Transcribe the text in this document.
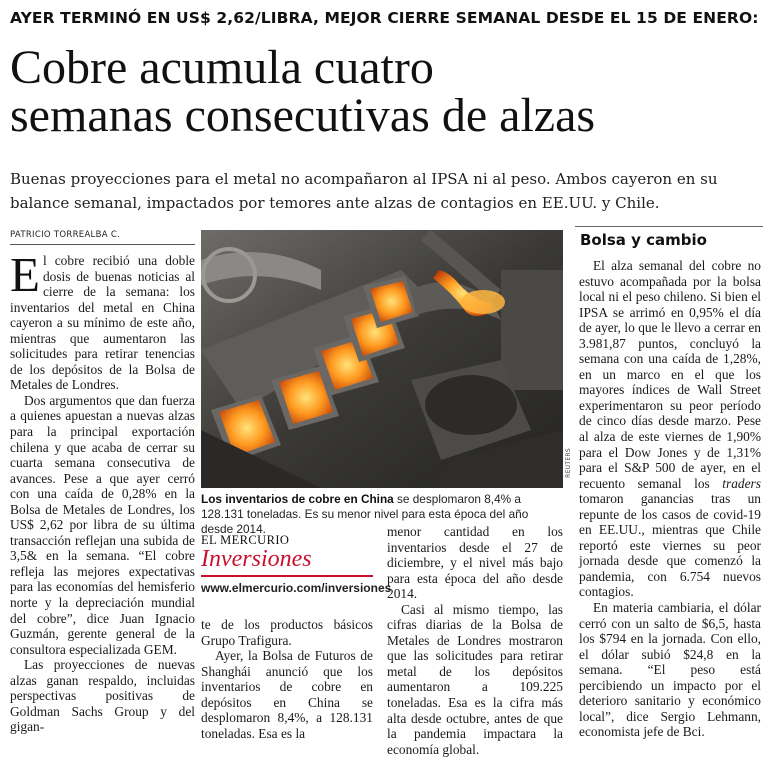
AYER TERMINÓ EN US$ 2,62/LIBRA, MEJOR CIERRE SEMANAL DESDE EL 15 DE ENERO:
Cobre acumula cuatro
semanas consecutivas de alzas
Buenas proyecciones para el metal no acompañaron al IPSA ni al peso. Ambos cayeron en su balance semanal, impactados por temores ante alzas de contagios en EE.UU. y Chile.
PATRICIO TORREALBA C.

El cobre recibió una doble dosis de buenas noticias al cierre de la semana: los inventarios del metal en China cayeron a su mínimo de este año, mientras que aumentaron las solicitudes para retirar tenencias de los depósitos de la Bolsa de Metales de Londres.

Dos argumentos que dan fuerza a quienes apuestan a nuevas alzas para la principal exportación chilena y que acaba de cerrar su cuarta semana consecutiva de avances. Pese a que ayer cerró con una caída de 0,28% en la Bolsa de Metales de Londres, los US$ 2,62 por libra de su última transacción reflejan una subida de 3,5& en la semana. “El cobre refleja las mejores expectativas para las economías del hemisferio norte y la depreciación mundial del cobre”, dice Juan Ignacio Guzmán, gerente general de la consultora especializada GEM.

Las proyecciones de nuevas alzas ganan respaldo, incluidas perspectivas positivas de Goldman Sachs Group y del gigan-

REUTERS
Los inventarios de cobre en China se desplomaron 8,4% a 128.131 toneladas. Es su menor nivel para esta época del año desde 2014.
EL MERCURIO
Inversiones
www.elmercurio.com/inversiones

te de los productos básicos Grupo Trafigura.

Ayer, la Bolsa de Futuros de Shanghái anunció que los inventarios de cobre en depósitos en China se desplomaron 8,4%, a 128.131 toneladas. Esa es la

menor cantidad en los inventarios desde el 27 de diciembre, y el nivel más bajo para esta época del año desde 2014.

Casi al mismo tiempo, las cifras diarias de la Bolsa de Metales de Londres mostraron que las solicitudes para retirar metal de los depósitos aumentaron a 109.225 toneladas. Esa es la cifra más alta desde octubre, antes de que la pandemia impactara la economía global.

Bolsa y cambio

El alza semanal del cobre no estuvo acompañada por la bolsa local ni el peso chileno. Si bien el IPSA se arrimó en 0,95% el día de ayer, lo que le llevo a cerrar en 3.981,87 puntos, concluyó la semana con una caída de 1,28%, en un marco en el que los mayores índices de Wall Street experimentaron su peor período de cinco días desde marzo. Pese al alza de este viernes de 1,90% para el Dow Jones y de 1,31% para el S&P 500 de ayer, en el recuento semanal los traders tomaron ganancias tras un repunte de los casos de covid-19 en EE.UU., mientras que Chile reportó este viernes su peor jornada desde que comenzó la pandemia, con 6.754 nuevos contagios.

En materia cambiaria, el dólar cerró con un salto de $6,5, hasta los $794 en la jornada. Con ello, el dólar subió $24,8 en la semana. “El peso está percibiendo un impacto por el deterioro sanitario y económico local”, dice Sergio Lehmann, economista jefe de Bci.
